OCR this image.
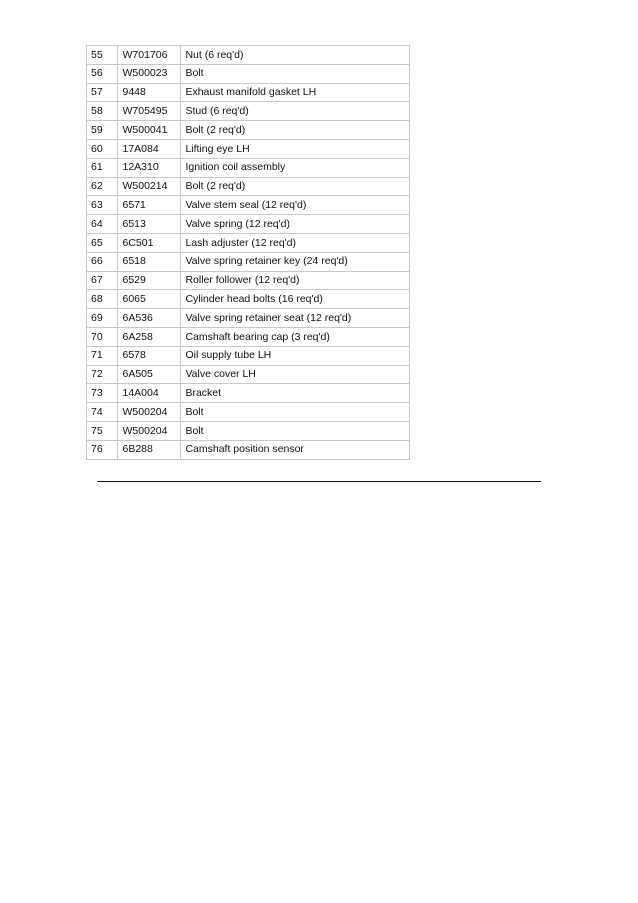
55	W701706	Nut (6 req'd)
56	W500023	Bolt
57	9448	Exhaust manifold gasket LH
58	W705495	Stud (6 req'd)
59	W500041	Bolt (2 req'd)
60	17A084	Lifting eye LH
61	12A310	Ignition coil assembly
62	W500214	Bolt (2 req'd)
63	6571	Valve stem seal (12 req'd)
64	6513	Valve spring (12 req'd)
65	6C501	Lash adjuster (12 req'd)
66	6518	Valve spring retainer key (24 req'd)
67	6529	Roller follower (12 req'd)
68	6065	Cylinder head bolts (16 req'd)
69	6A536	Valve spring retainer seat (12 req'd)
70	6A258	Camshaft bearing cap (3 req'd)
71	6578	Oil supply tube LH
72	6A505	Valve cover LH
73	14A004	Bracket
74	W500204	Bolt
75	W500204	Bolt
76	6B288	Camshaft position sensor
